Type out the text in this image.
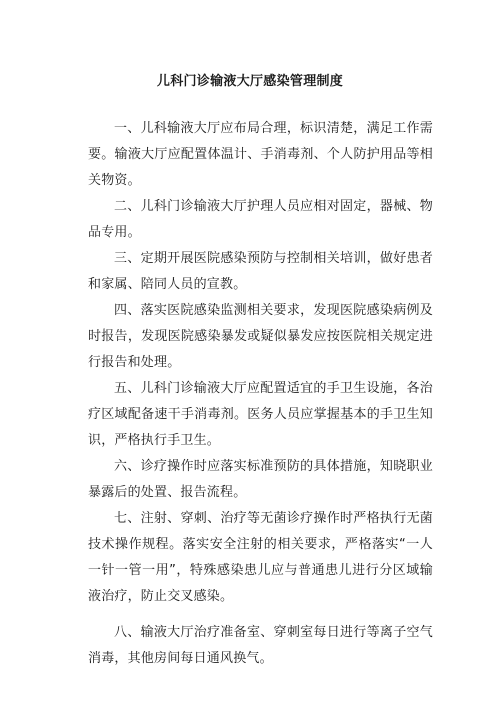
儿科门诊输液大厅感染管理制度

一、儿科输液大厅应布局合理，标识清楚，满足工作需要。输液大厅应配置体温计、手消毒剂、个人防护用品等相关物资。

二、儿科门诊输液大厅护理人员应相对固定，器械、物品专用。

三、定期开展医院感染预防与控制相关培训，做好患者和家属、陪同人员的宣教。

四、落实医院感染监测相关要求，发现医院感染病例及时报告，发现医院感染暴发或疑似暴发应按医院相关规定进行报告和处理。

五、儿科门诊输液大厅应配置适宜的手卫生设施，各治疗区域配备速干手消毒剂。医务人员应掌握基本的手卫生知识，严格执行手卫生。

六、诊疗操作时应落实标准预防的具体措施，知晓职业暴露后的处置、报告流程。

七、注射、穿刺、治疗等无菌诊疗操作时严格执行无菌技术操作规程。落实安全注射的相关要求，严格落实“一人一针一管一用”，特殊感染患儿应与普通患儿进行分区域输液治疗，防止交叉感染。

八、输液大厅治疗准备室、穿刺室每日进行等离子空气消毒，其他房间每日通风换气。
